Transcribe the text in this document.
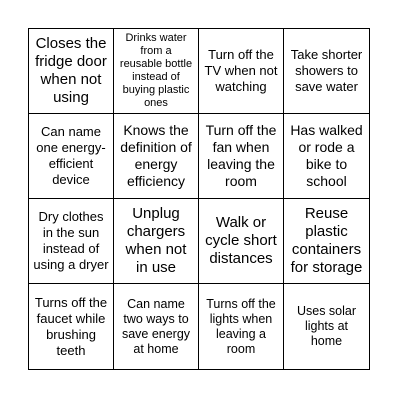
Closes the fridge door when not using
Drinks water from a reusable bottle instead of buying plastic ones
Turn off the TV when not watching
Take shorter showers to save water
Can name one energy-efficient device
Knows the definition of energy efficiency
Turn off the fan when leaving the room
Has walked or rode a bike to school
Dry clothes in the sun instead of using a dryer
Unplug chargers when not in use
Walk or cycle short distances
Reuse plastic containers for storage
Turns off the faucet while brushing teeth
Can name two ways to save energy at home
Turns off the lights when leaving a room
Uses solar lights at home
